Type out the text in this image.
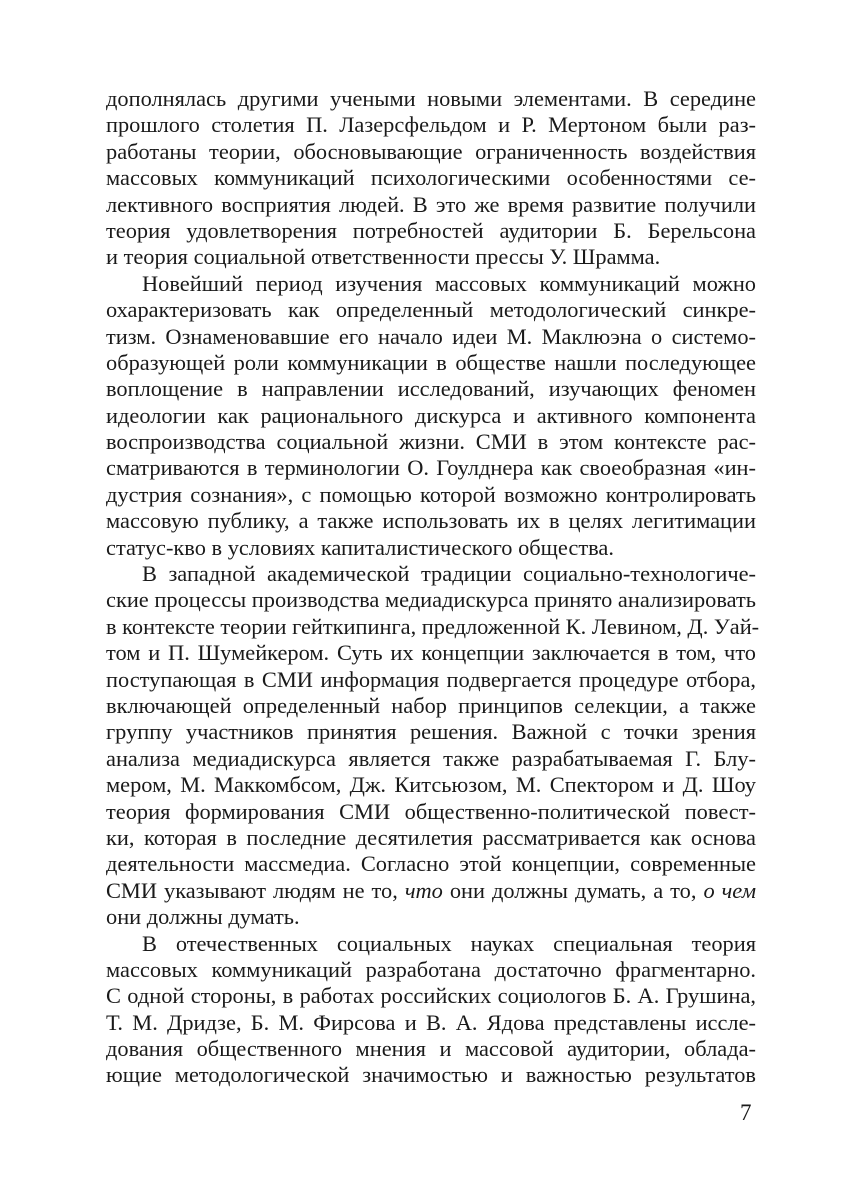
дополнялась другими учеными новыми элементами. В середине
прошлого столетия П. Лазерсфельдом и Р. Мертоном были раз-
работаны теории, обосновывающие ограниченность воздействия
массовых коммуникаций психологическими особенностями се-
лективного восприятия людей. В это же время развитие получили
теория удовлетворения потребностей аудитории Б. Берельсона
и теория социальной ответственности прессы У. Шрамма.
Новейший период изучения массовых коммуникаций можно
охарактеризовать как определенный методологический синкре-
тизм. Ознаменовавшие его начало идеи М. Маклюэна о системо-
образующей роли коммуникации в обществе нашли последующее
воплощение в направлении исследований, изучающих феномен
идеологии как рационального дискурса и активного компонента
воспроизводства социальной жизни. СМИ в этом контексте рас-
сматриваются в терминологии О. Гоулднера как своеобразная «ин-
дустрия сознания», с помощью которой возможно контролировать
массовую публику, а также использовать их в целях легитимации
статус-кво в условиях капиталистического общества.
В западной академической традиции социально-технологиче-
ские процессы производства медиадискурса принято анализировать
в контексте теории гейткипинга, предложенной К. Левином, Д. Уай-
том и П. Шумейкером. Суть их концепции заключается в том, что
поступающая в СМИ информация подвергается процедуре отбора,
включающей определенный набор принципов селекции, а также
группу участников принятия решения. Важной с точки зрения
анализа медиадискурса является также разрабатываемая Г. Блу-
мером, М. Маккомбсом, Дж. Китсьюзом, М. Спектором и Д. Шоу
теория формирования СМИ общественно-политической повест-
ки, которая в последние десятилетия рассматривается как основа
деятельности массмедиа. Согласно этой концепции, современные
СМИ указывают людям не то, что они должны думать, а то, о чем
они должны думать.
В отечественных социальных науках специальная теория
массовых коммуникаций разработана достаточно фрагментарно.
С одной стороны, в работах российских социологов Б. А. Грушина,
Т. М. Дридзе, Б. М. Фирсова и В. А. Ядова представлены иссле-
дования общественного мнения и массовой аудитории, облада-
ющие методологической значимостью и важностью результатов
7
